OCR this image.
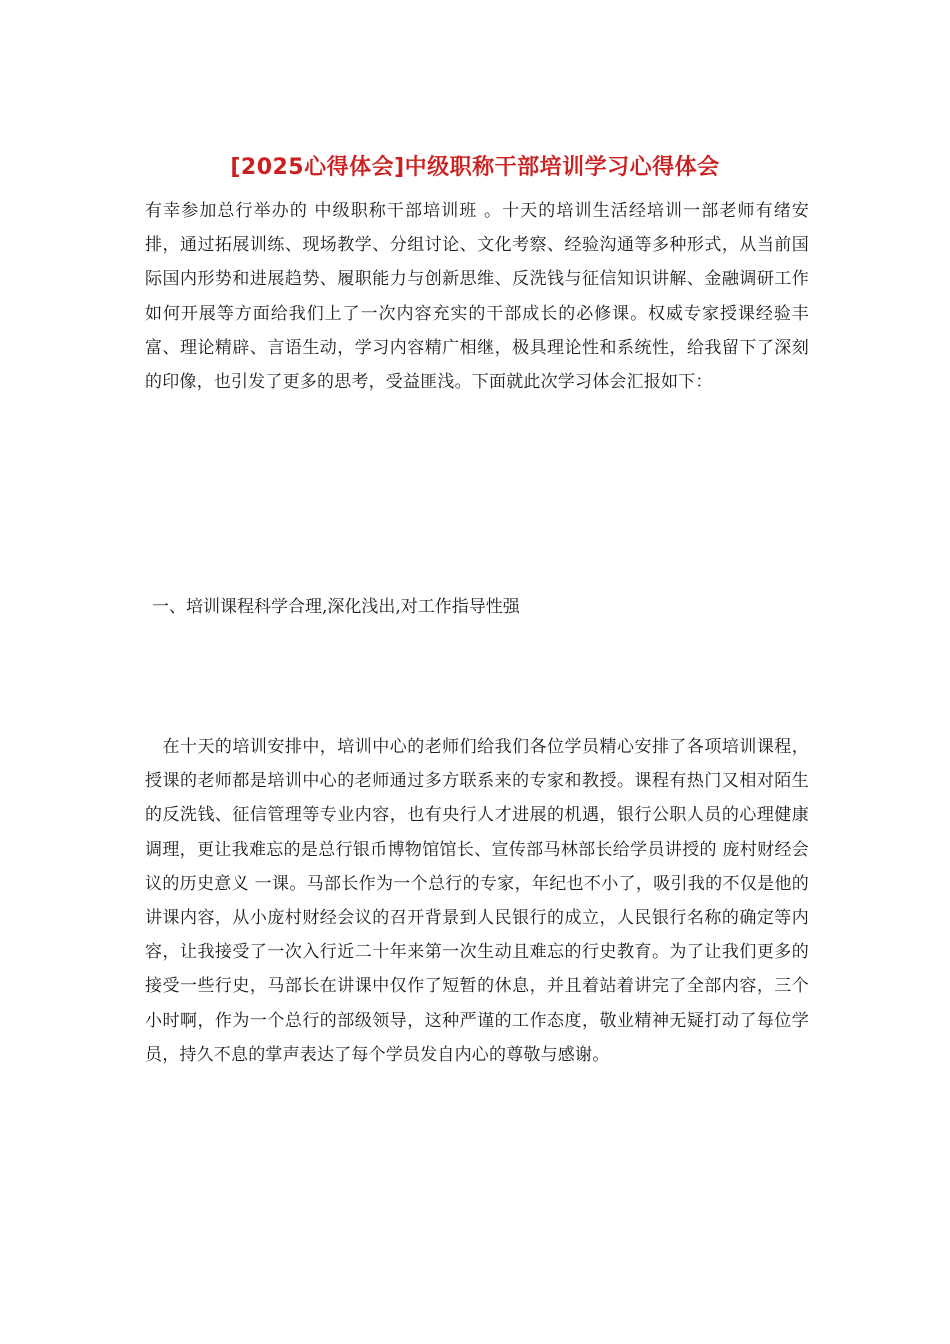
[2025心得体会]中级职称干部培训学习心得体会

有幸参加总行举办的 中级职称干部培训班 。十天的培训生活经培训一部老师有绪安排，通过拓展训练、现场教学、分组讨论、文化考察、经验沟通等多种形式，从当前国际国内形势和进展趋势、履职能力与创新思维、反洗钱与征信知识讲解、金融调研工作如何开展等方面给我们上了一次内容充实的干部成长的必修课。权威专家授课经验丰富、理论精辟、言语生动，学习内容精广相继，极具理论性和系统性，给我留下了深刻的印像，也引发了更多的思考，受益匪浅。下面就此次学习体会汇报如下：

一、培训课程科学合理,深化浅出,对工作指导性强

 在十天的培训安排中，培训中心的老师们给我们各位学员精心安排了各项培训课程，授课的老师都是培训中心的老师通过多方联系来的专家和教授。课程有热门又相对陌生的反洗钱、征信管理等专业内容，也有央行人才进展的机遇，银行公职人员的心理健康调理，更让我难忘的是总行银币博物馆馆长、宣传部马林部长给学员讲授的 庞村财经会议的历史意义 一课。马部长作为一个总行的专家，年纪也不小了，吸引我的不仅是他的讲课内容，从小庞村财经会议的召开背景到人民银行的成立，人民银行名称的确定等内容，让我接受了一次入行近二十年来第一次生动且难忘的行史教育。为了让我们更多的接受一些行史，马部长在讲课中仅作了短暂的休息，并且着站着讲完了全部内容，三个小时啊，作为一个总行的部级领导，这种严谨的工作态度，敬业精神无疑打动了每位学员，持久不息的掌声表达了每个学员发自内心的尊敬与感谢。
